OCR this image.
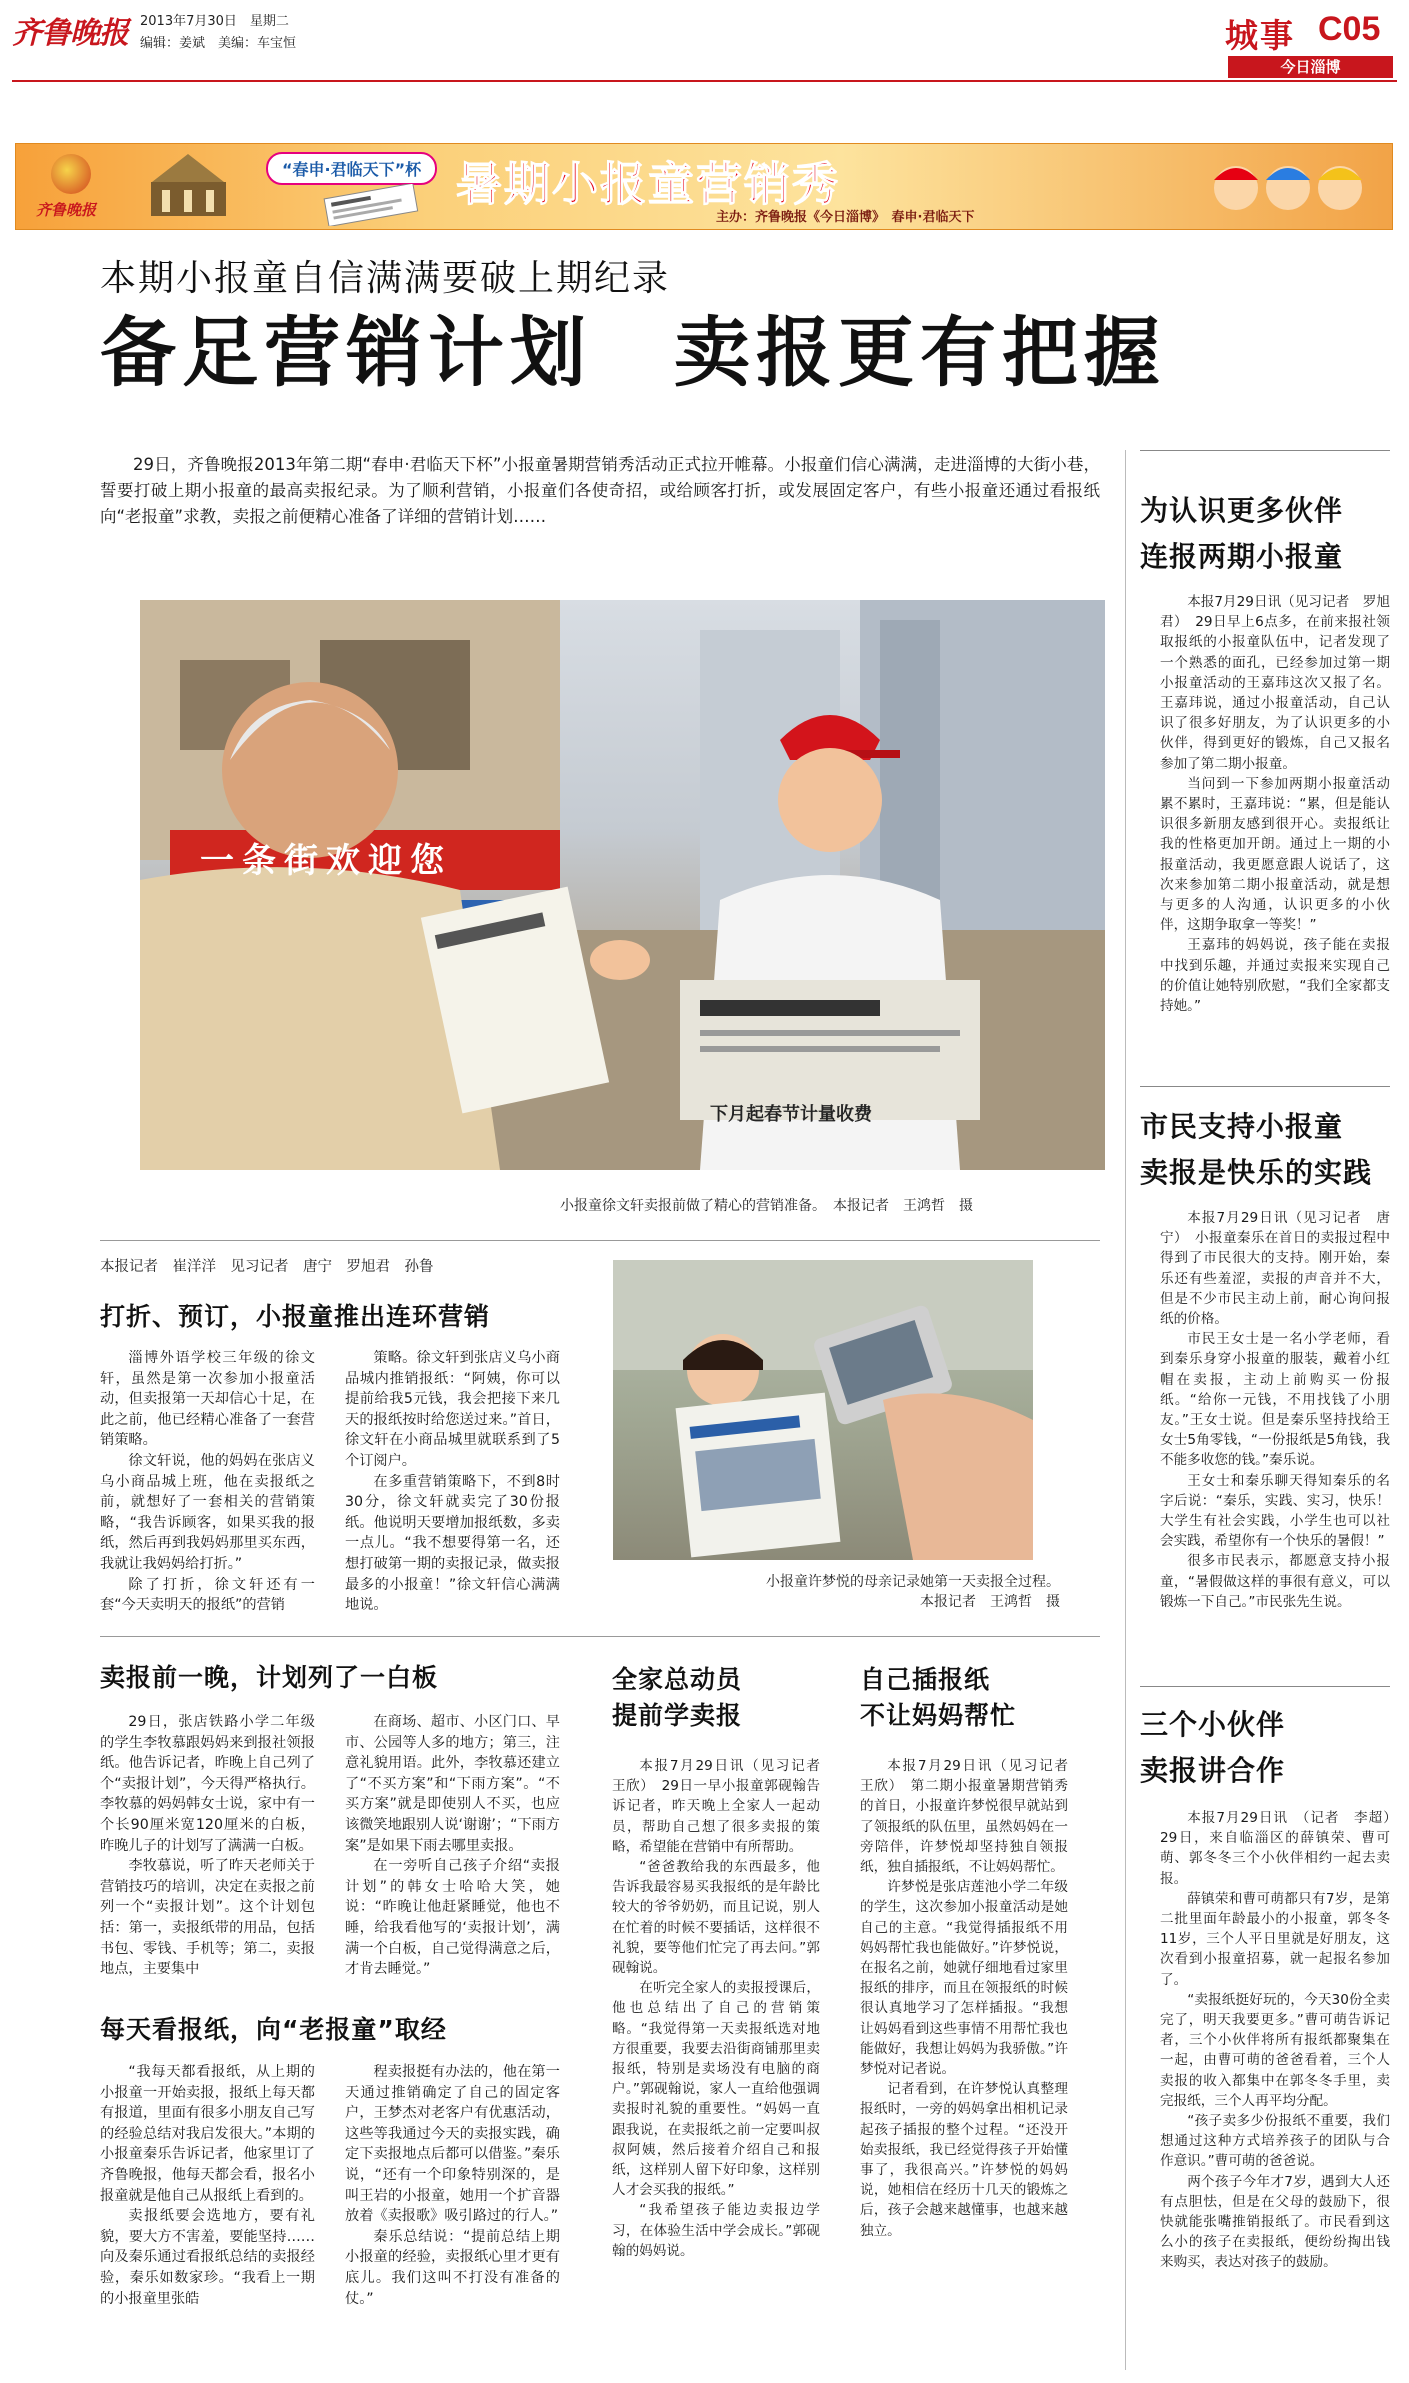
齐鲁晚报 2013年7月30日　 星期二
编辑：姜斌　美编：车宝恒	城事 C05
今日淄博
齐鲁晚报
“春申·君临天下”杯 暑期小报童营销秀
主办：齐鲁晚报《今日淄博》　春申·君临天下
本期小报童自信满满要破上期纪录
备足营销计划　卖报更有把握
29日，齐鲁晚报2013年第二期“春申·君临天下杯”小报童暑期营销秀活动正式拉开帷幕。小报童们信心满满，走进淄博的大街小巷，誓要打破上期小报童的最高卖报纪录。为了顺利营销，小报童们各使奇招，或给顾客打折，或发展固定客户，有些小报童还通过看报纸向“老报童”求教，卖报之前便精心准备了详细的营销计划……
一条街欢迎您
下月起春节计量收费
小报童徐文轩卖报前做了精心的营销准备。　本报记者　王鸿哲　摄
本报记者　崔洋洋　见习记者　唐宁　罗旭君　孙鲁
打折、预订，小报童推出连环营销

淄博外语学校三年级的徐文轩，虽然是第一次参加小报童活动，但卖报第一天却信心十足，在此之前，他已经精心准备了一套营销策略。

徐文轩说，他的妈妈在张店义乌小商品城上班，他在卖报纸之前，就想好了一套相关的营销策略，“我告诉顾客，如果买我的报纸，然后再到我妈妈那里买东西，我就让我妈妈给打折。”

除了打折，徐文轩还有一套“今天卖明天的报纸”的营销

策略。徐文轩到张店义乌小商品城内推销报纸：“阿姨，你可以提前给我5元钱，我会把接下来几天的报纸按时给您送过来。”首日，徐文轩在小商品城里就联系到了5个订阅户。

在多重营销策略下，不到8时30分，徐文轩就卖完了30份报纸。他说明天要增加报纸数，多卖一点儿。“我不想要得第一名，还想打破第一期的卖报记录，做卖报最多的小报童！”徐文轩信心满满地说。

小报童许梦悦的母亲记录她第一天卖报全过程。
本报记者　王鸿哲　摄
卖报前一晚，计划列了一白板

29日，张店铁路小学二年级的学生李牧慕跟妈妈来到报社领报纸。他告诉记者，昨晚上自己列了个“卖报计划”，今天得严格执行。李牧慕的妈妈韩女士说，家中有一个长90厘米宽120厘米的白板，昨晚儿子的计划写了满满一白板。

李牧慕说，听了昨天老师关于营销技巧的培训，决定在卖报之前列一个“卖报计划”。这个计划包括：第一，卖报纸带的用品，包括书包、零钱、手机等；第二，卖报地点，主要集中

在商场、超市、小区门口、早市、公园等人多的地方；第三，注意礼貌用语。此外，李牧慕还建立了“不买方案”和“下雨方案”。“不买方案”就是即使别人不买，也应该微笑地跟别人说‘谢谢’；“下雨方案”是如果下雨去哪里卖报。

在一旁听自己孩子介绍“卖报计划”的韩女士哈哈大笑，她说：“昨晚让他赶紧睡觉，他也不睡，给我看他写的‘卖报计划’，满满一个白板，自己觉得满意之后，才肯去睡觉。”

每天看报纸，向“老报童”取经

“我每天都看报纸，从上期的小报童一开始卖报，报纸上每天都有报道，里面有很多小朋友自己写的经验总结对我启发很大。”本期的小报童秦乐告诉记者，他家里订了齐鲁晚报，他每天都会看，报名小报童就是他自己从报纸上看到的。

卖报纸要会选地方，要有礼貌，要大方不害羞，要能坚持……向及秦乐通过看报纸总结的卖报经验，秦乐如数家珍。“我看上一期的小报童里张皓

程卖报挺有办法的，他在第一天通过推销确定了自己的固定客户，王梦杰对老客户有优惠活动，这些等我通过今天的卖报实践，确定下卖报地点后都可以借鉴。”秦乐说，“还有一个印象特别深的，是叫王岩的小报童，她用一个扩音器放着《卖报歌》吸引路过的行人。”

秦乐总结说：“提前总结上期小报童的经验，卖报纸心里才更有底儿。我们这叫不打没有准备的仗。”

全家总动员
提前学卖报

本报7月29日讯（见习记者　王欣）　29日一早小报童郭砚翰告诉记者，昨天晚上全家人一起动员，帮助自己想了很多卖报的策略，希望能在营销中有所帮助。

“爸爸教给我的东西最多，他告诉我最容易买我报纸的是年龄比较大的爷爷奶奶，而且记说，别人在忙着的时候不要插话，这样很不礼貌，要等他们忙完了再去问。”郭砚翰说。

在听完全家人的卖报授课后，他也总结出了自己的营销策略。“我觉得第一天卖报纸选对地方很重要，我要去沿街商铺那里卖报纸，特别是卖场没有电脑的商户。”郭砚翰说，家人一直给他强调卖报时礼貌的重要性。“妈妈一直跟我说，在卖报纸之前一定要叫叔叔阿姨，然后接着介绍自己和报纸，这样别人留下好印象，这样别人才会买我的报纸。”

“我希望孩子能边卖报边学习，在体验生活中学会成长。”郭砚翰的妈妈说。

自己插报纸
不让妈妈帮忙

本报7月29日讯（见习记者　王欣）　第二期小报童暑期营销秀的首日，小报童许梦悦很早就站到了领报纸的队伍里，虽然妈妈在一旁陪伴，许梦悦却坚持独自领报纸，独自插报纸，不让妈妈帮忙。

许梦悦是张店莲池小学二年级的学生，这次参加小报童活动是她自己的主意。“我觉得插报纸不用妈妈帮忙我也能做好。”许梦悦说，在报名之前，她就仔细地看过家里报纸的排序，而且在领报纸的时候很认真地学习了怎样插报。“我想让妈妈看到这些事情不用帮忙我也能做好，我想让妈妈为我骄傲。”许梦悦对记者说。

记者看到，在许梦悦认真整理报纸时，一旁的妈妈拿出相机记录起孩子插报的整个过程。“还没开始卖报纸，我已经觉得孩子开始懂事了，我很高兴。”许梦悦的妈妈说，她相信在经历十几天的锻炼之后，孩子会越来越懂事，也越来越独立。

为认识更多伙伴
连报两期小报童

本报7月29日讯（见习记者　罗旭君）　29日早上6点多，在前来报社领取报纸的小报童队伍中，记者发现了一个熟悉的面孔，已经参加过第一期小报童活动的王嘉玮这次又报了名。王嘉玮说，通过小报童活动，自己认识了很多好朋友，为了认识更多的小伙伴，得到更好的锻炼，自己又报名参加了第二期小报童。

当问到一下参加两期小报童活动累不累时，王嘉玮说：“累，但是能认识很多新朋友感到很开心。卖报纸让我的性格更加开朗。通过上一期的小报童活动，我更愿意跟人说话了，这次来参加第二期小报童活动，就是想与更多的人沟通，认识更多的小伙伴，这期争取拿一等奖！”

王嘉玮的妈妈说，孩子能在卖报中找到乐趣，并通过卖报来实现自己的价值让她特别欣慰，“我们全家都支持她。”

市民支持小报童
卖报是快乐的实践

本报7月29日讯（见习记者　唐宁）　小报童秦乐在首日的卖报过程中得到了市民很大的支持。刚开始，秦乐还有些羞涩，卖报的声音并不大，但是不少市民主动上前，耐心询问报纸的价格。

市民王女士是一名小学老师，看到秦乐身穿小报童的服装，戴着小红帽在卖报，主动上前购买一份报纸。“给你一元钱，不用找钱了小朋友。”王女士说。但是秦乐坚持找给王女士5角零钱，“一份报纸是5角钱，我不能多收您的钱。”秦乐说。

王女士和秦乐聊天得知秦乐的名字后说：“秦乐，实践、实习，快乐！大学生有社会实践，小学生也可以社会实践，希望你有一个快乐的暑假！”

很多市民表示，都愿意支持小报童，“暑假做这样的事很有意义，可以锻炼一下自己。”市民张先生说。

三个小伙伴
卖报讲合作

本报7月29日讯　（记者　李超）　29日，来自临淄区的薛镇荣、曹可萌、郭冬冬三个小伙伴相约一起去卖报。

薛镇荣和曹可萌都只有7岁，是第二批里面年龄最小的小报童，郭冬冬11岁，三个人平日里就是好朋友，这次看到小报童招募，就一起报名参加了。

“卖报纸挺好玩的，今天30份全卖完了，明天我要更多。”曹可萌告诉记者，三个小伙伴将所有报纸都聚集在一起，由曹可萌的爸爸看着，三个人卖报的收入都集中在郭冬冬手里，卖完报纸，三个人再平均分配。

“孩子卖多少份报纸不重要，我们想通过这种方式培养孩子的团队与合作意识。”曹可萌的爸爸说。

两个孩子今年才7岁，遇到大人还有点胆怯，但是在父母的鼓励下，很快就能张嘴推销报纸了。市民看到这么小的孩子在卖报纸，便纷纷掏出钱来购买，表达对孩子的鼓励。
